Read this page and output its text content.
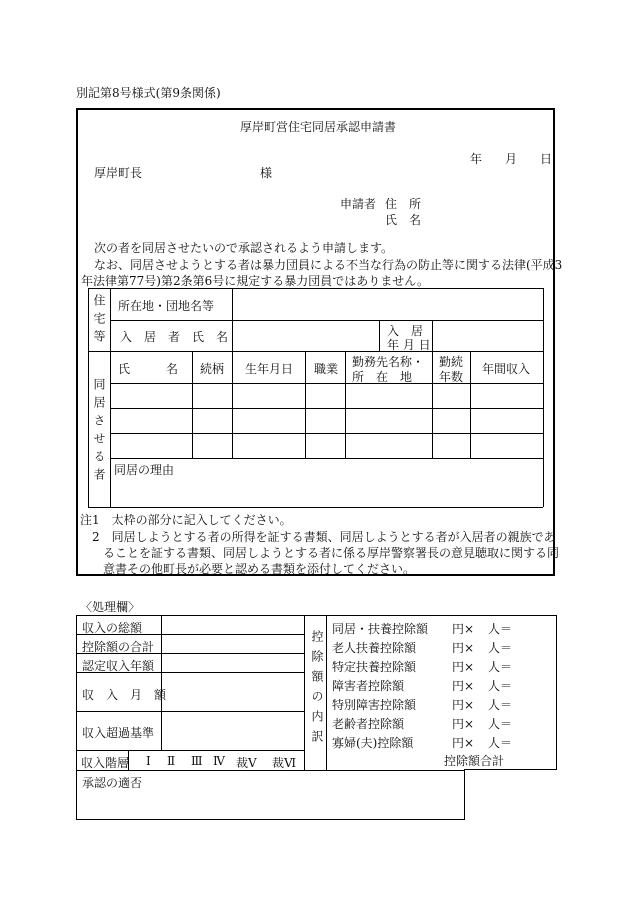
別記第8号様式(第9条関係)
厚岸町営住宅同居承認申請書
年 月 日
厚岸町長	様
申請者 住　所
氏　名
次の者を同居させたいので承認されるよう申請します。
なお、同居させようとする者は暴力団員による不当な行為の防止等に関する法律(平成3
年法律第77号)第2条第6号に規定する暴力団員ではありません。
住宅等 所在地・団地名等
入　居　者　氏　名	入　居
年 月 日
同居させる者
氏　　　名 続柄 生年月日 職業 勤務先名称・
所　在　地
勤続
年数
年間収入
同居の理由
注1　太枠の部分に記入してください。
2　同居しようとする者の所得を証する書類、同居しようとする者が入居者の親族であ
ることを証する書類、同居しようとする者に係る厚岸警察署長の意見聴取に関する同
意書その他町長が必要と認める書類を添付してください。
〈処理欄〉
収入の総額
控除額の合計
認定収入年額
収　入　月　額
収入超過基準
収入階層 Ⅰ Ⅱ Ⅲ Ⅳ 裁Ⅴ 裁Ⅵ
控除額の内訳
同居・扶養控除額
老人扶養控除額
特定扶養控除額
障害者控除額
特別障害控除額
老齢者控除額
寡婦(夫)控除額
円× 人＝
円× 人＝
円× 人＝
円× 人＝
円× 人＝
円× 人＝
円× 人＝
控除額合計
承認の適否
